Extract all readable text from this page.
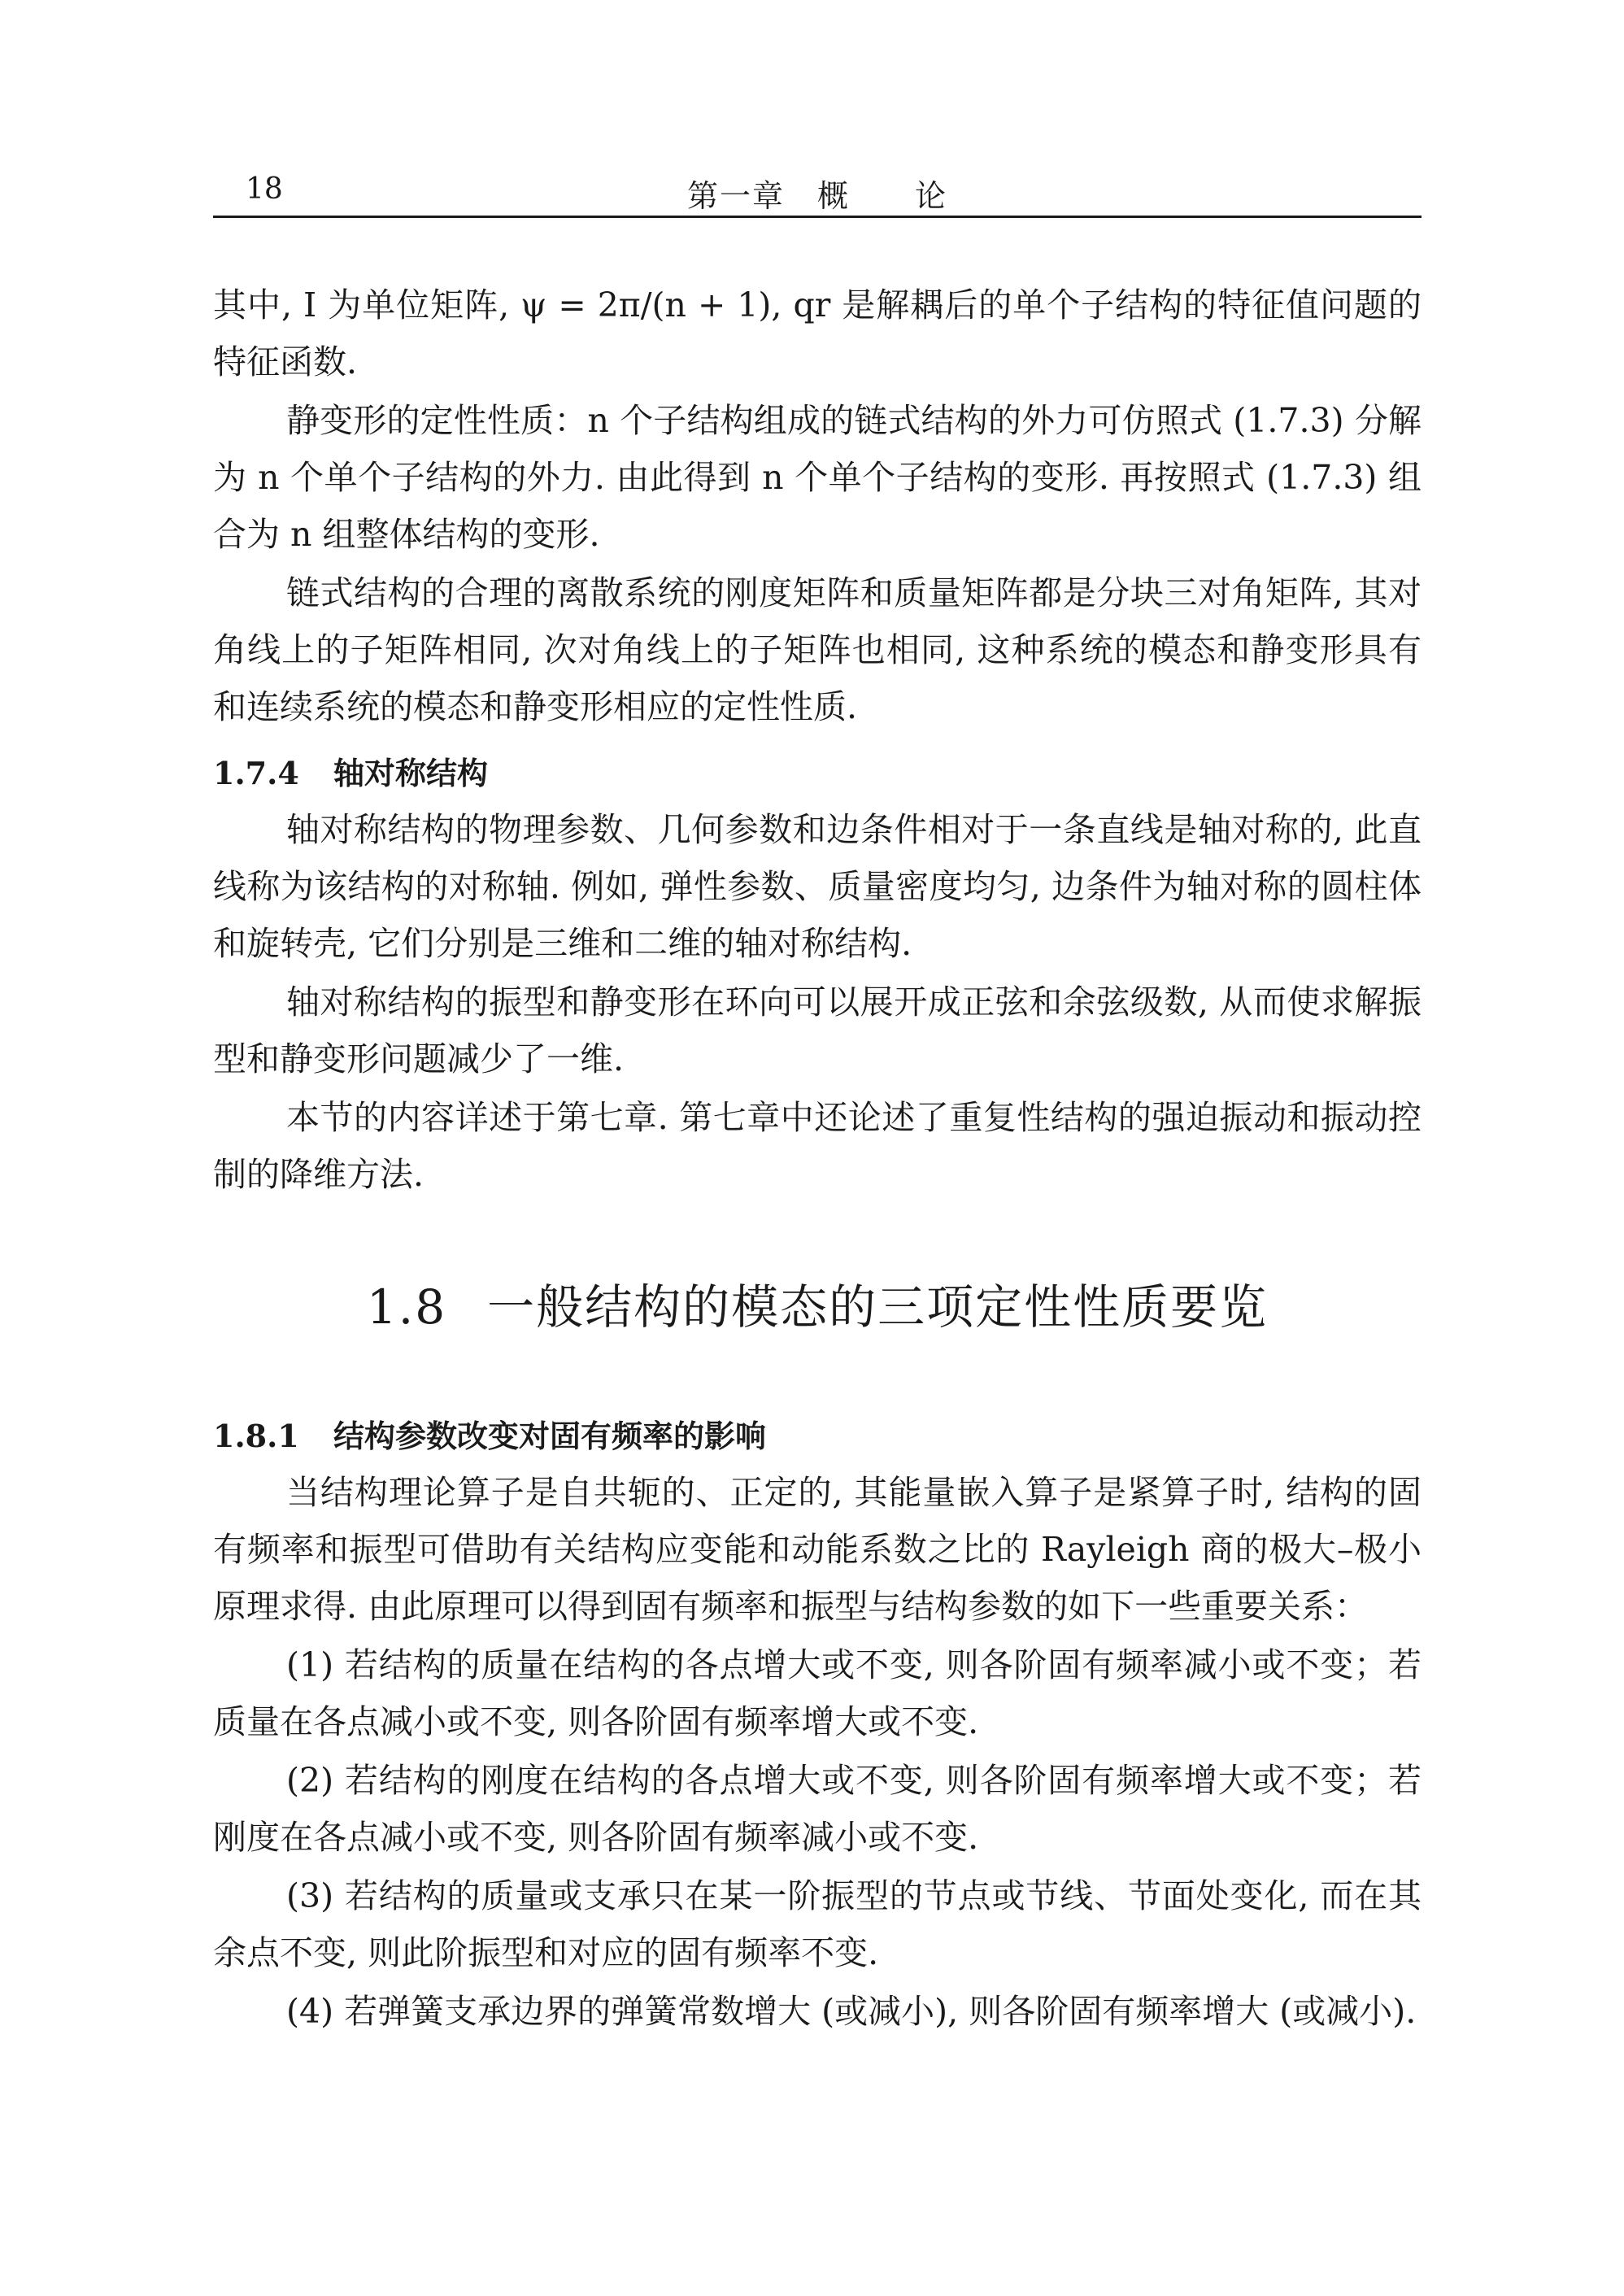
18	第一章　概　　论

其中, I 为单位矩阵, ψ = 2π/(n + 1), qr 是解耦后的单个子结构的特征值问题的特征函数.

静变形的定性性质：n 个子结构组成的链式结构的外力可仿照式 (1.7.3) 分解为 n 个单个子结构的外力. 由此得到 n 个单个子结构的变形. 再按照式 (1.7.3) 组合为 n 组整体结构的变形.

链式结构的合理的离散系统的刚度矩阵和质量矩阵都是分块三对角矩阵, 其对角线上的子矩阵相同, 次对角线上的子矩阵也相同, 这种系统的模态和静变形具有和连续系统的模态和静变形相应的定性性质.

1.7.4 轴对称结构

轴对称结构的物理参数、几何参数和边条件相对于一条直线是轴对称的, 此直线称为该结构的对称轴. 例如, 弹性参数、质量密度均匀, 边条件为轴对称的圆柱体和旋转壳, 它们分别是三维和二维的轴对称结构.

轴对称结构的振型和静变形在环向可以展开成正弦和余弦级数, 从而使求解振型和静变形问题减少了一维.

本节的内容详述于第七章. 第七章中还论述了重复性结构的强迫振动和振动控制的降维方法.

1.8 一般结构的模态的三项定性性质要览
1.8.1 结构参数改变对固有频率的影响

当结构理论算子是自共轭的、正定的, 其能量嵌入算子是紧算子时, 结构的固有频率和振型可借助有关结构应变能和动能系数之比的 Rayleigh 商的极大–极小原理求得. 由此原理可以得到固有频率和振型与结构参数的如下一些重要关系：

(1) 若结构的质量在结构的各点增大或不变, 则各阶固有频率减小或不变；若质量在各点减小或不变, 则各阶固有频率增大或不变.

(2) 若结构的刚度在结构的各点增大或不变, 则各阶固有频率增大或不变；若刚度在各点减小或不变, 则各阶固有频率减小或不变.

(3) 若结构的质量或支承只在某一阶振型的节点或节线、节面处变化, 而在其余点不变, 则此阶振型和对应的固有频率不变.

(4) 若弹簧支承边界的弹簧常数增大 (或减小), 则各阶固有频率增大 (或减小).
